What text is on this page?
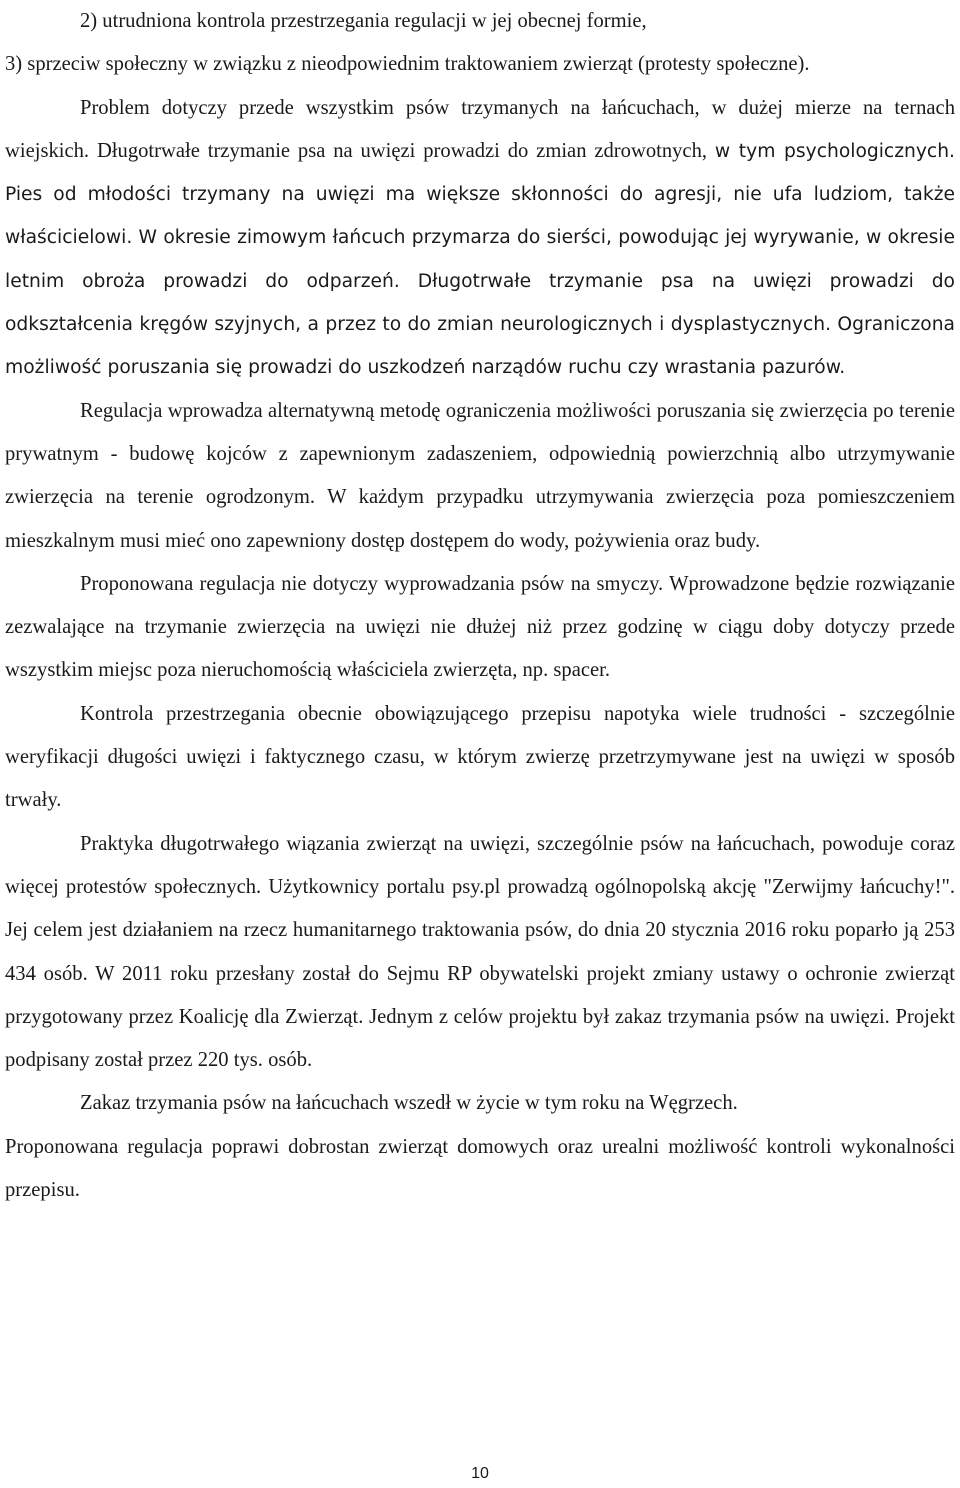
2) utrudniona kontrola przestrzegania regulacji w jej obecnej formie,

3) sprzeciw społeczny w związku z nieodpowiednim traktowaniem zwierząt (protesty społeczne).

Problem dotyczy przede wszystkim psów trzymanych na łańcuchach, w dużej mierze na ternach wiejskich. Długotrwałe trzymanie psa na uwięzi prowadzi do zmian zdrowotnych, w tym psychologicznych. Pies od młodości trzymany na uwięzi ma większe skłonności do agresji, nie ufa ludziom, także właścicielowi. W okresie zimowym łańcuch przymarza do sierści, powodując jej wyrywanie, w okresie letnim obroża prowadzi do odparzeń. Długotrwałe trzymanie psa na uwięzi prowadzi do odkształcenia kręgów szyjnych, a przez to do zmian neurologicznych i dysplastycznych. Ograniczona możliwość poruszania się prowadzi do uszkodzeń narządów ruchu czy wrastania pazurów.

Regulacja wprowadza alternatywną metodę ograniczenia możliwości poruszania się zwierzęcia po terenie prywatnym - budowę kojców z zapewnionym zadaszeniem, odpowiednią powierzchnią albo utrzymywanie zwierzęcia na terenie ogrodzonym. W każdym przypadku utrzymywania zwierzęcia poza pomieszczeniem mieszkalnym musi mieć ono zapewniony dostęp dostępem do wody, pożywienia oraz budy.

Proponowana regulacja nie dotyczy wyprowadzania psów na smyczy. Wprowadzone będzie rozwiązanie zezwalające na trzymanie zwierzęcia na uwięzi nie dłużej niż przez godzinę w ciągu doby dotyczy przede wszystkim miejsc poza nieruchomością właściciela zwierzęta, np. spacer.

Kontrola przestrzegania obecnie obowiązującego przepisu napotyka wiele trudności - szczególnie weryfikacji długości uwięzi i faktycznego czasu, w którym zwierzę przetrzymywane jest na uwięzi w sposób trwały.

Praktyka długotrwałego wiązania zwierząt na uwięzi, szczególnie psów na łańcuchach, powoduje coraz więcej protestów społecznych. Użytkownicy portalu psy.pl prowadzą ogólnopolską akcję "Zerwijmy łańcuchy!". Jej celem jest działaniem na rzecz humanitarnego traktowania psów, do dnia 20 stycznia 2016 roku poparło ją 253 434 osób. W 2011 roku przesłany został do Sejmu RP obywatelski projekt zmiany ustawy o ochronie zwierząt przygotowany przez Koalicję dla Zwierząt. Jednym z celów projektu był zakaz trzymania psów na uwięzi. Projekt podpisany został przez 220 tys. osób.

Zakaz trzymania psów na łańcuchach wszedł w życie w tym roku na Węgrzech.

Proponowana regulacja poprawi dobrostan zwierząt domowych oraz urealni możliwość kontroli wykonalności przepisu.

10
